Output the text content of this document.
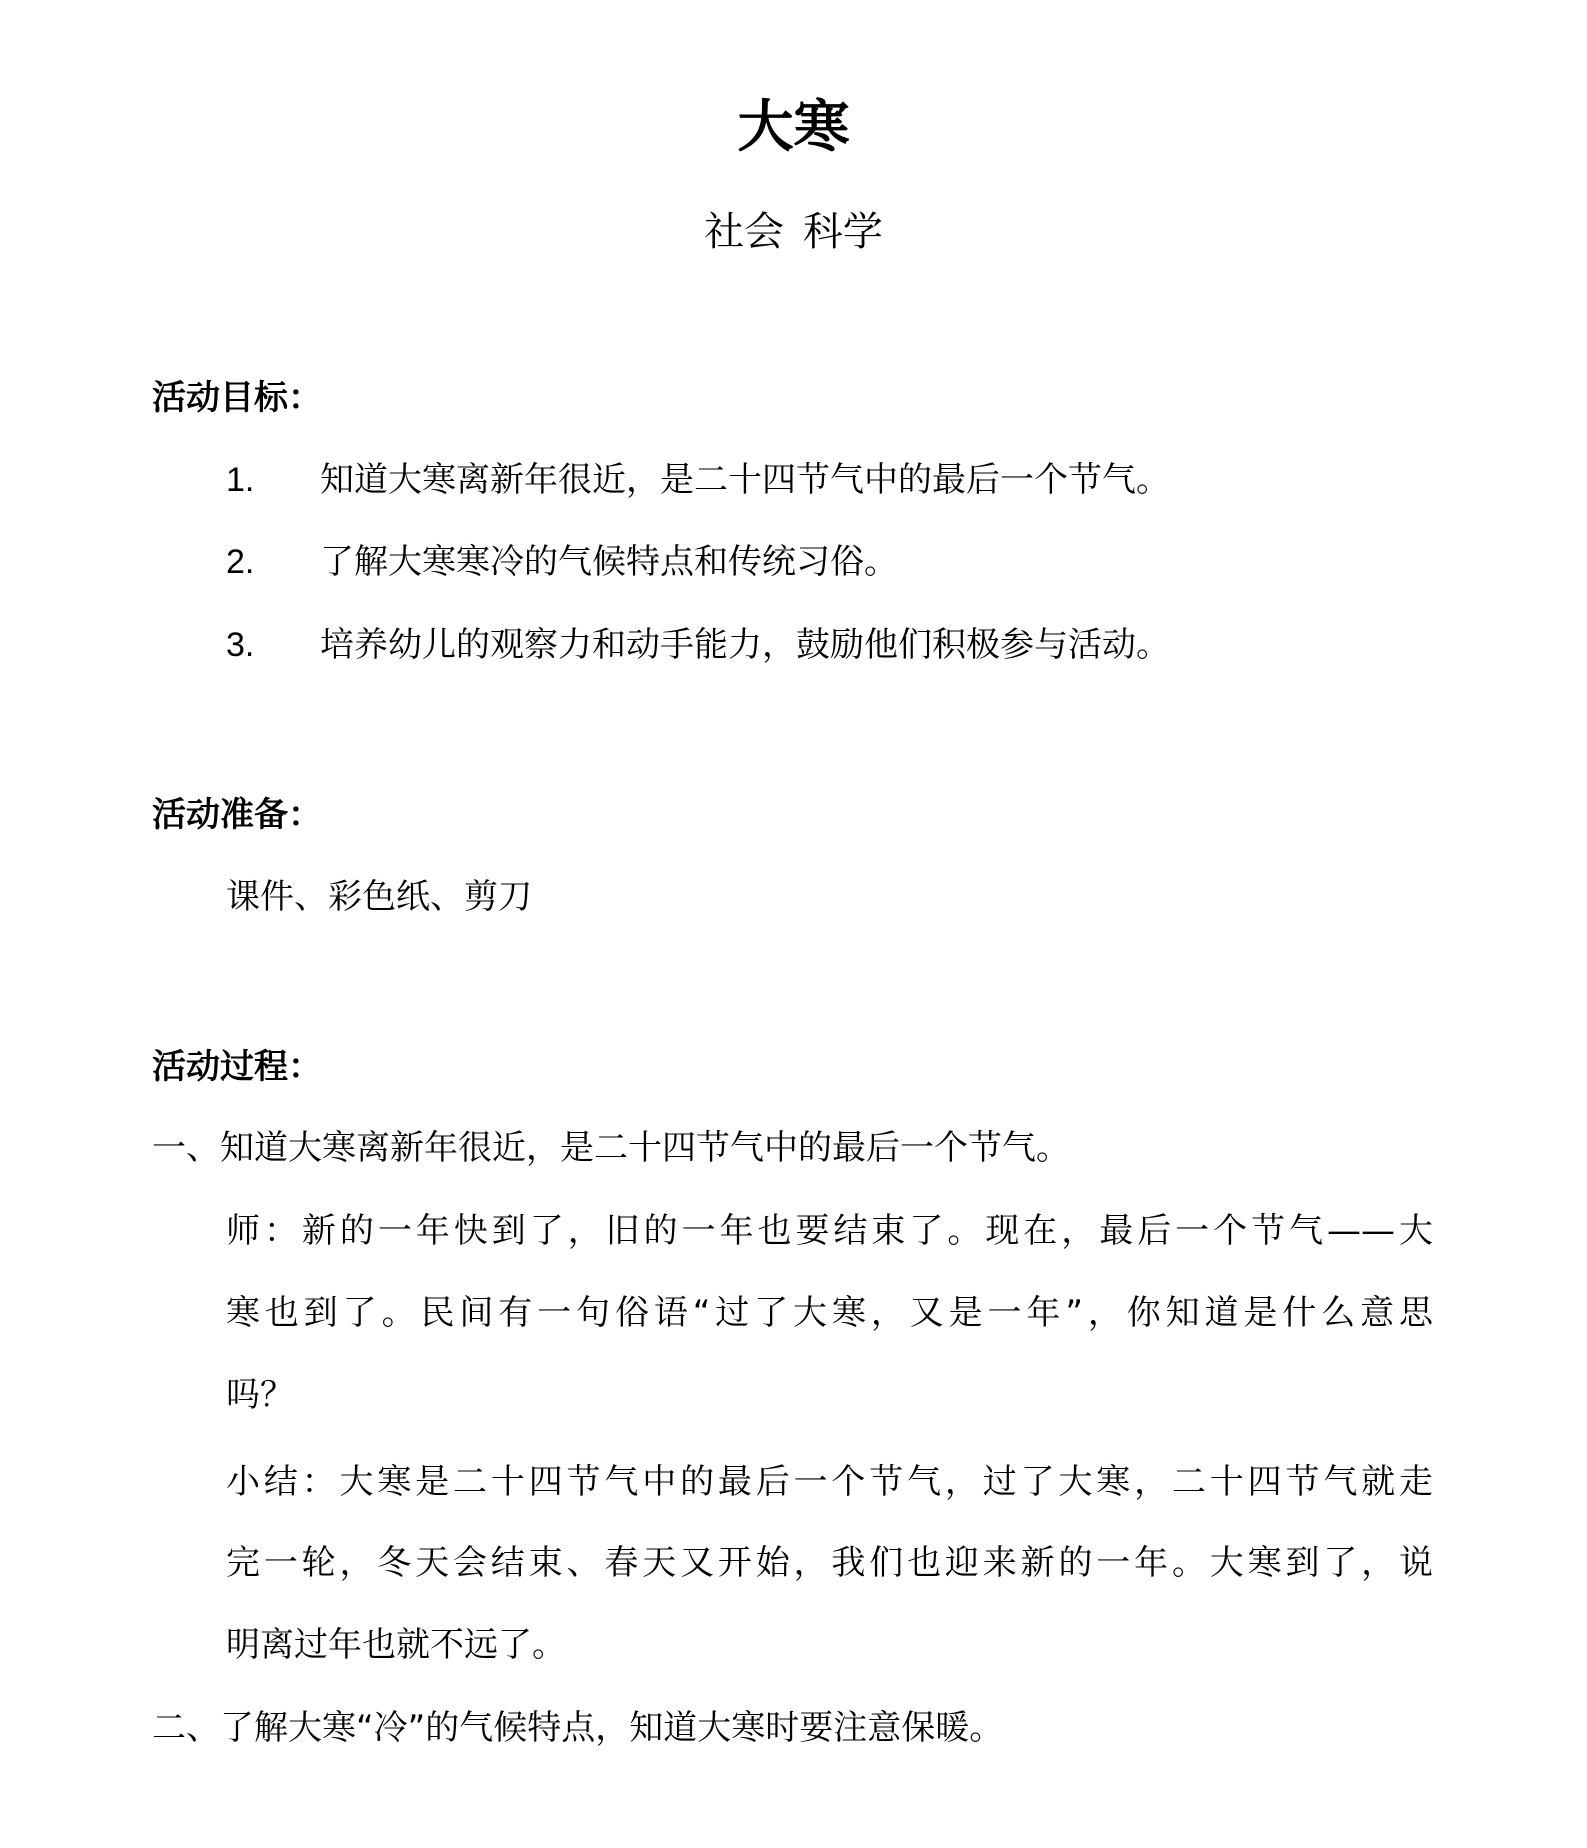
大寒
社会 科学
活动目标：
1. 知道大寒离新年很近，是二十四节气中的最后一个节气。
2. 了解大寒寒冷的气候特点和传统习俗。
3. 培养幼儿的观察力和动手能力，鼓励他们积极参与活动。
活动准备：
课件、彩色纸、剪刀
活动过程：
一、知道大寒离新年很近，是二十四节气中的最后一个节气。
师：新的一年快到了，旧的一年也要结束了。现在，最后一个节气——大
寒也到了。民间有一句俗语“过了大寒，又是一年”，你知道是什么意思
吗？
小结：大寒是二十四节气中的最后一个节气，过了大寒，二十四节气就走
完一轮，冬天会结束、春天又开始，我们也迎来新的一年。大寒到了，说
明离过年也就不远了。
二、了解大寒“冷”的气候特点，知道大寒时要注意保暖。
